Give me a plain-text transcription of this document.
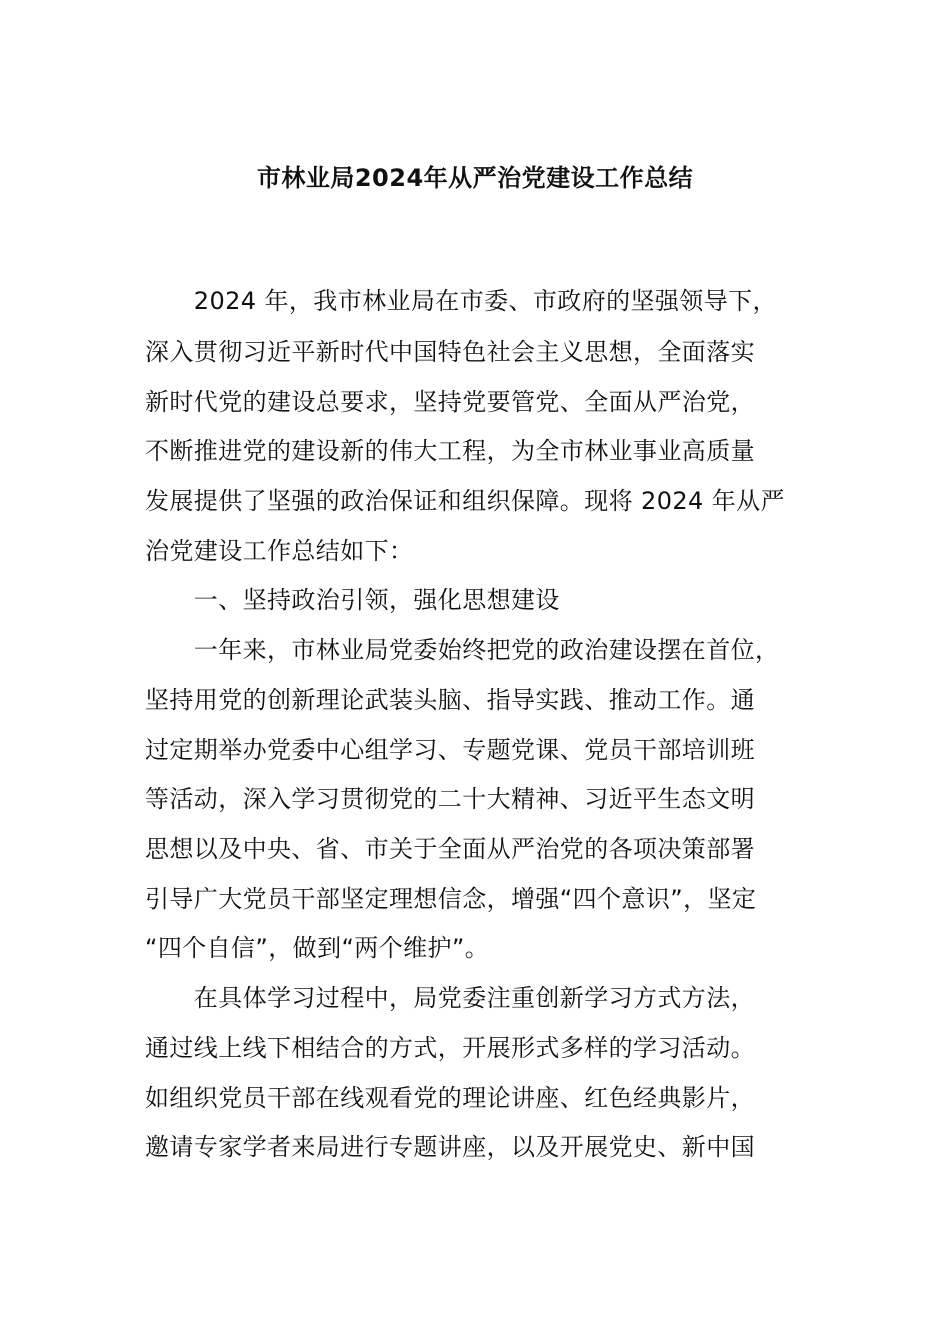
市林业局2024年从严治党建设工作总结
　　2024 年，我市林业局在市委、市政府的坚强领导下，
深入贯彻习近平新时代中国特色社会主义思想，全面落实
新时代党的建设总要求，坚持党要管党、全面从严治党，
不断推进党的建设新的伟大工程，为全市林业事业高质量
发展提供了坚强的政治保证和组织保障。现将 2024 年从严
治党建设工作总结如下：
　　一、坚持政治引领，强化思想建设
　　一年来，市林业局党委始终把党的政治建设摆在首位，
坚持用党的创新理论武装头脑、指导实践、推动工作。通
过定期举办党委中心组学习、专题党课、党员干部培训班
等活动，深入学习贯彻党的二十大精神、习近平生态文明
思想以及中央、省、市关于全面从严治党的各项决策部署
引导广大党员干部坚定理想信念，增强“四个意识”，坚定
“四个自信”，做到“两个维护”。
　　在具体学习过程中，局党委注重创新学习方式方法，
通过线上线下相结合的方式，开展形式多样的学习活动。
如组织党员干部在线观看党的理论讲座、红色经典影片，
邀请专家学者来局进行专题讲座，以及开展党史、新中国
